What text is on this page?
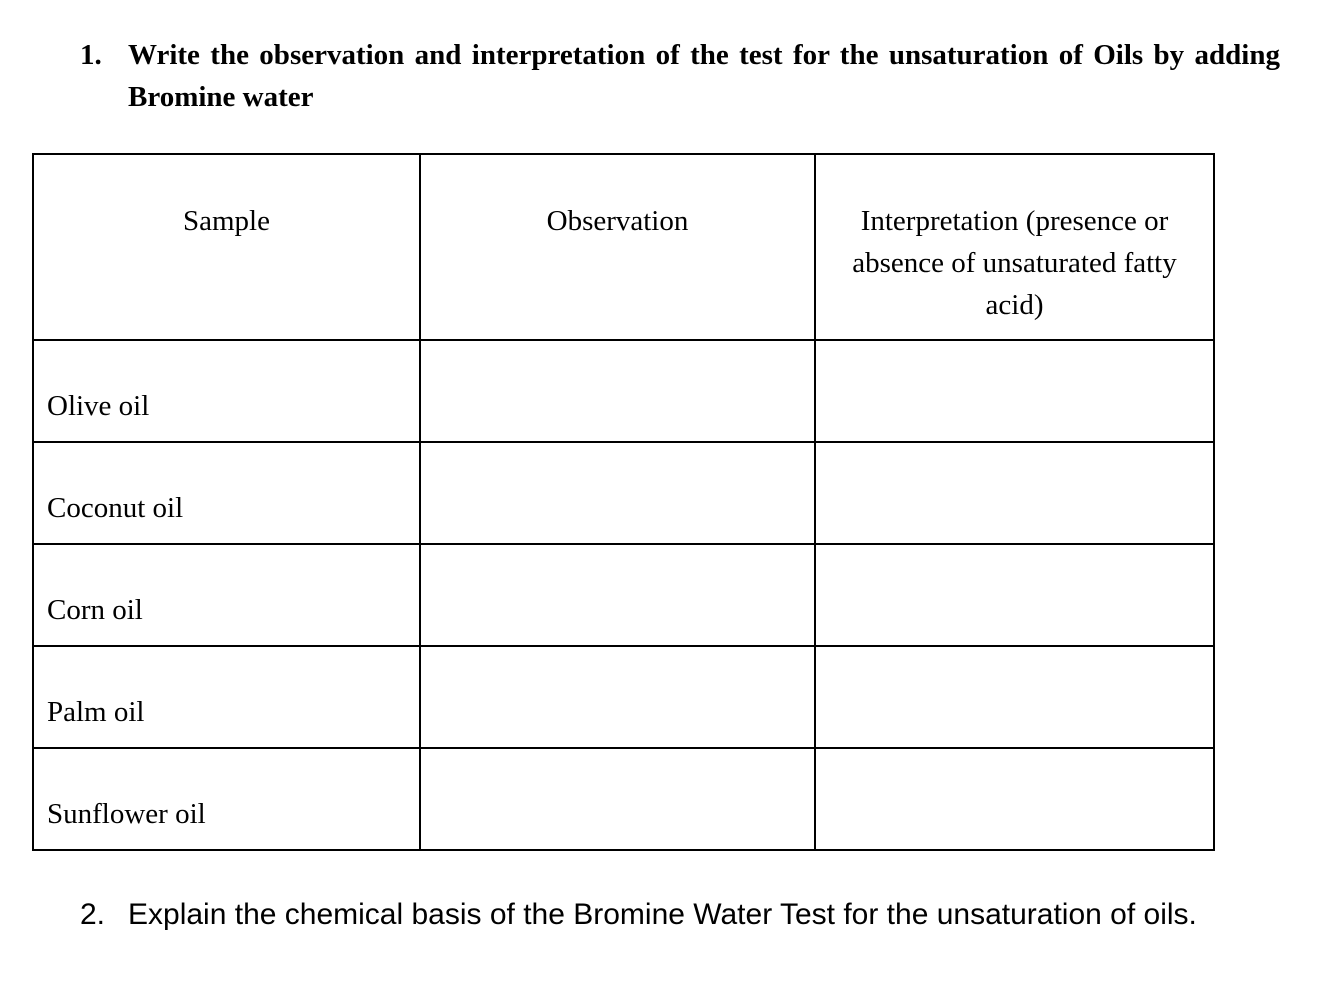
1. Write the observation and interpretation of the test for the unsaturation of Oils by adding Bromine water
Sample	Observation	Interpretation (presence or absence of unsaturated fatty acid)

Olive oil		
Coconut oil		
Corn oil		
Palm oil		
Sunflower oil		
2. Explain the chemical basis of the Bromine Water Test for the unsaturation of oils.
